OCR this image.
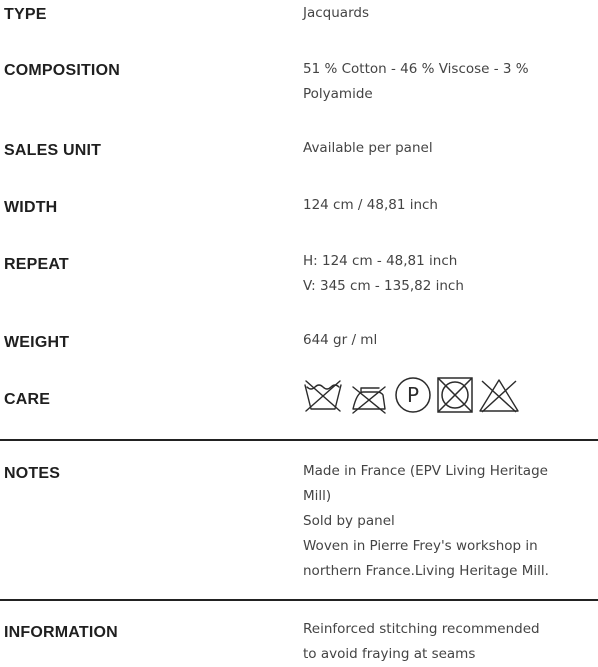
TYPE	Jacquards
COMPOSITION	51 % Cotton - 46 % Viscose - 3 %
Polyamide
SALES UNIT	Available per panel
WIDTH	124 cm / 48,81 inch
REPEAT	H: 124 cm - 48,81 inch
V: 345 cm - 135,82 inch
WEIGHT	644 gr / ml
CARE	P
NOTES	Made in France (EPV Living Heritage
Mill)
Sold by panel
Woven in Pierre Frey's workshop in
northern France.Living Heritage Mill.
INFORMATION	Reinforced stitching recommended
to avoid fraying at seams
